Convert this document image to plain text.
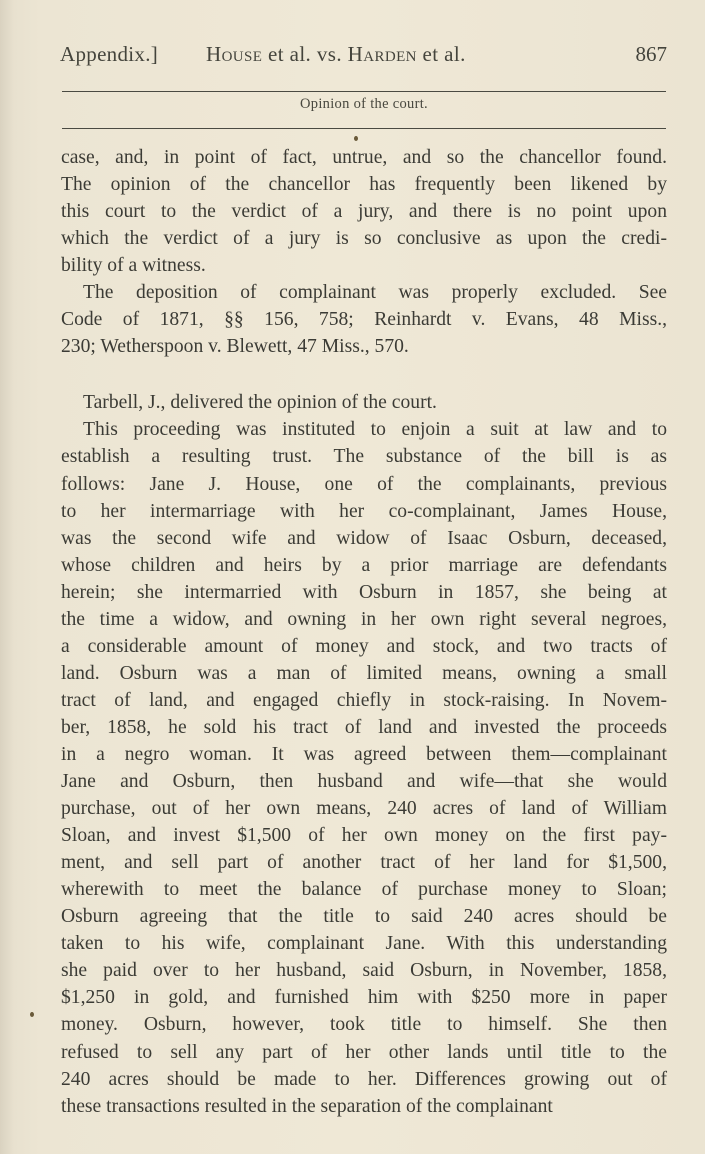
Appendix.] House et al. vs. Harden et al.	867
Opinion of the court.
case, and, in point of fact, untrue, and so the chancellor found.
The opinion of the chancellor has frequently been likened by
this court to the verdict of a jury, and there is no point upon
which the verdict of a jury is so conclusive as upon the credi-
bility of a witness.
The deposition of complainant was properly excluded. See
Code of 1871, §§ 156, 758; Reinhardt v. Evans, 48 Miss.,
230; Wetherspoon v. Blewett, 47 Miss., 570.
Tarbell, J., delivered the opinion of the court.
This proceeding was instituted to enjoin a suit at law and to
establish a resulting trust. The substance of the bill is as
follows: Jane J. House, one of the complainants, previous
to her intermarriage with her co-complainant, James House,
was the second wife and widow of Isaac Osburn, deceased,
whose children and heirs by a prior marriage are defendants
herein; she intermarried with Osburn in 1857, she being at
the time a widow, and owning in her own right several negroes,
a considerable amount of money and stock, and two tracts of
land. Osburn was a man of limited means, owning a small
tract of land, and engaged chiefly in stock-raising. In Novem-
ber, 1858, he sold his tract of land and invested the proceeds
in a negro woman. It was agreed between them—complainant
Jane and Osburn, then husband and wife—that she would
purchase, out of her own means, 240 acres of land of William
Sloan, and invest $1,500 of her own money on the first pay-
ment, and sell part of another tract of her land for $1,500,
wherewith to meet the balance of purchase money to Sloan;
Osburn agreeing that the title to said 240 acres should be
taken to his wife, complainant Jane. With this understanding
she paid over to her husband, said Osburn, in November, 1858,
$1,250 in gold, and furnished him with $250 more in paper
money. Osburn, however, took title to himself. She then
refused to sell any part of her other lands until title to the
240 acres should be made to her. Differences growing out of
these transactions resulted in the separation of the complainant
